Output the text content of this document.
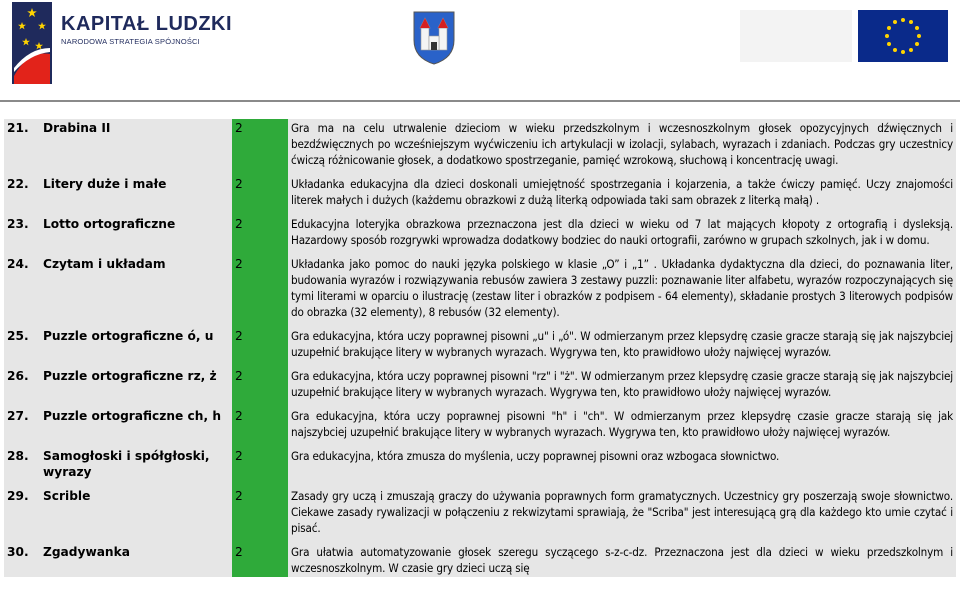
KAPITAŁ LUDZKI
NARODOWA STRATEGIA SPÓJNOŚCI
21.	Drabina II	2	Gra ma na celu utrwalenie dzieciom w wieku przedszkolnym i wczesnoszkolnym głosek opozycyjnych dźwięcznych i bezdźwięcznych po wcześniejszym wyćwiczeniu ich artykulacji w izolacji, sylabach, wyrazach i zdaniach. Podczas gry uczestnicy ćwiczą różnicowanie głosek, a dodatkowo spostrzeganie, pamięć wzrokową, słuchową i koncentrację uwagi.

22.	Litery duże i małe	2	Układanka edukacyjna dla dzieci doskonali umiejętność spostrzegania i kojarzenia, a także ćwiczy pamięć. Uczy znajomości literek małych i dużych (każdemu obrazkowi z dużą literką odpowiada taki sam obrazek z literką małą) .

23.	Lotto ortograficzne	2	Edukacyjna loteryjka obrazkowa przeznaczona jest dla dzieci w wieku od 7 lat mających kłopoty z ortografią i dysleksją. Hazardowy sposób rozgrywki wprowadza dodatkowy bodziec do nauki ortografii, zarówno w grupach szkolnych, jak i w domu.

24.	Czytam i układam	2	Układanka jako pomoc do nauki języka polskiego w klasie „O” i „1” . Układanka dydaktyczna dla dzieci, do poznawania liter, budowania wyrazów i rozwiązywania rebusów zawiera 3 zestawy puzzli: poznawanie liter alfabetu, wyrazów rozpoczynających się tymi literami w oparciu o ilustrację (zestaw liter i obrazków z podpisem - 64 elementy), składanie prostych 3 literowych podpisów do obrazka (32 elementy), 8 rebusów (32 elementy).

25.	Puzzle ortograficzne ó, u	2	Gra edukacyjna, która uczy poprawnej pisowni „u" i „ó". W odmierzanym przez klepsydrę czasie gracze starają się jak najszybciej uzupełnić brakujące litery w wybranych wyrazach. Wygrywa ten, kto prawidłowo ułoży najwięcej wyrazów.

26.	Puzzle ortograficzne rz, ż	2	Gra edukacyjna, która uczy poprawnej pisowni "rz" i "ż". W odmierzanym przez klepsydrę czasie gracze starają się jak najszybciej uzupełnić brakujące litery w wybranych wyrazach. Wygrywa ten, kto prawidłowo ułoży najwięcej wyrazów.

27.	Puzzle ortograficzne ch, h	2	Gra edukacyjna, która uczy poprawnej pisowni "h" i "ch". W odmierzanym przez klepsydrę czasie gracze starają się jak najszybciej uzupełnić brakujące litery w wybranych wyrazach. Wygrywa ten, kto prawidłowo ułoży najwięcej wyrazów.

28.	Samogłoski i spółgłoski, wyrazy	2	Gra edukacyjna, która zmusza do myślenia, uczy poprawnej pisowni oraz wzbogaca słownictwo.

29.	Scrible	2	Zasady gry uczą i zmuszają graczy do używania poprawnych form gramatycznych. Uczestnicy gry poszerzają swoje słownictwo. Ciekawe zasady rywalizacji w połączeniu z rekwizytami sprawiają, że "Scriba" jest interesującą grą dla każdego kto umie czytać i pisać.

30.	Zgadywanka	2	Gra ułatwia automatyzowanie głosek szeregu syczącego s-z-c-dz. Przeznaczona jest dla dzieci w wieku przedszkolnym i wczesnoszkolnym. W czasie gry dzieci uczą się
